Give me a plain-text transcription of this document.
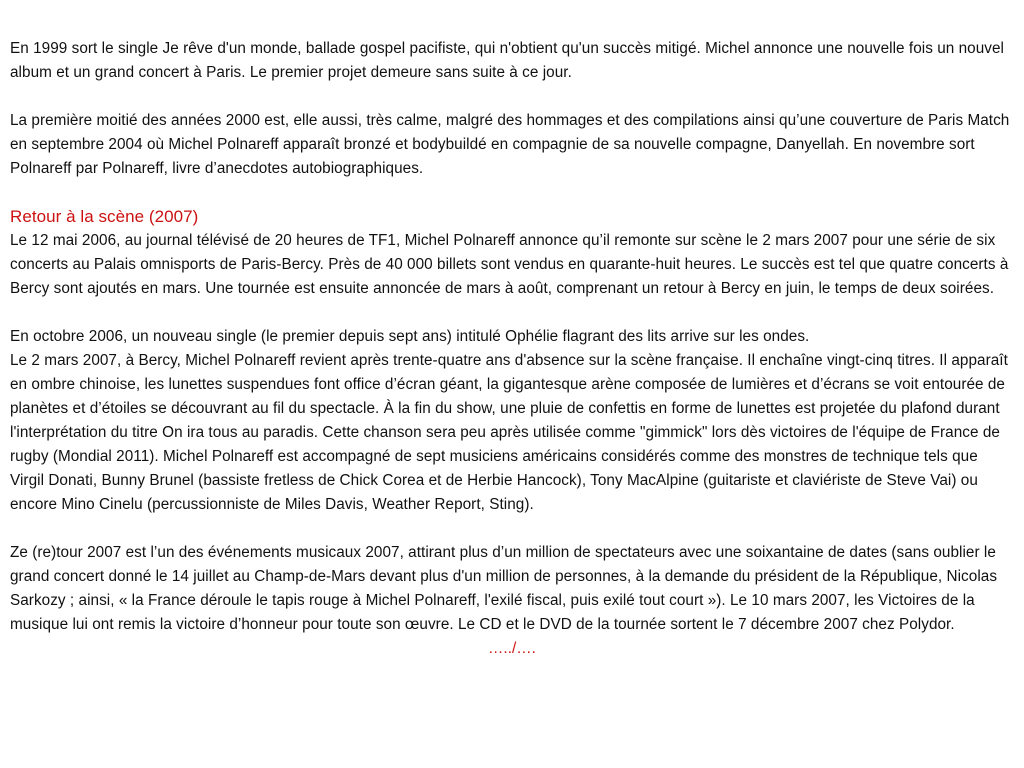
En 1999 sort le single Je rêve d'un monde, ballade gospel pacifiste, qui n'obtient qu'un succès mitigé. Michel annonce une nouvelle fois un nouvel album et un grand concert à Paris. Le premier projet demeure sans suite à ce jour.

La première moitié des années 2000 est, elle aussi, très calme, malgré des hommages et des compilations ainsi qu’une couverture de Paris Match en septembre 2004 où Michel Polnareff apparaît bronzé et bodybuildé en compagnie de sa nouvelle compagne, Danyellah. En novembre sort Polnareff par Polnareff, livre d’anecdotes autobiographiques.

Retour à la scène (2007)

Le 12 mai 2006, au journal télévisé de 20 heures de TF1, Michel Polnareff annonce qu’il remonte sur scène le 2 mars 2007 pour une série de six concerts au Palais omnisports de Paris-Bercy. Près de 40 000 billets sont vendus en quarante-huit heures. Le succès est tel que quatre concerts à Bercy sont ajoutés en mars. Une tournée est ensuite annoncée de mars à août, comprenant un retour à Bercy en juin, le temps de deux soirées.

En octobre 2006, un nouveau single (le premier depuis sept ans) intitulé Ophélie flagrant des lits arrive sur les ondes.

Le 2 mars 2007, à Bercy, Michel Polnareff revient après trente-quatre ans d'absence sur la scène française. Il enchaîne vingt-cinq titres. Il apparaît en ombre chinoise, les lunettes suspendues font office d’écran géant, la gigantesque arène composée de lumières et d’écrans se voit entourée de planètes et d’étoiles se découvrant au fil du spectacle. À la fin du show, une pluie de confettis en forme de lunettes est projetée du plafond durant l'interprétation du titre On ira tous au paradis. Cette chanson sera peu après utilisée comme "gimmick" lors dès victoires de l'équipe de France de rugby (Mondial 2011). Michel Polnareff est accompagné de sept musiciens américains considérés comme des monstres de technique tels que Virgil Donati, Bunny Brunel (bassiste fretless de Chick Corea et de Herbie Hancock), Tony MacAlpine (guitariste et claviériste de Steve Vai) ou encore Mino Cinelu (percussionniste de Miles Davis, Weather Report, Sting).

Ze (re)tour 2007 est l’un des événements musicaux 2007, attirant plus d’un million de spectateurs avec une soixantaine de dates (sans oublier le grand concert donné le 14 juillet au Champ-de-Mars devant plus d'un million de personnes, à la demande du président de la République, Nicolas Sarkozy ; ainsi, « la France déroule le tapis rouge à Michel Polnareff, l'exilé fiscal, puis exilé tout court »). Le 10 mars 2007, les Victoires de la musique lui ont remis la victoire d’honneur pour toute son œuvre. Le CD et le DVD de la tournée sortent le 7 décembre 2007 chez Polydor.

…../….
